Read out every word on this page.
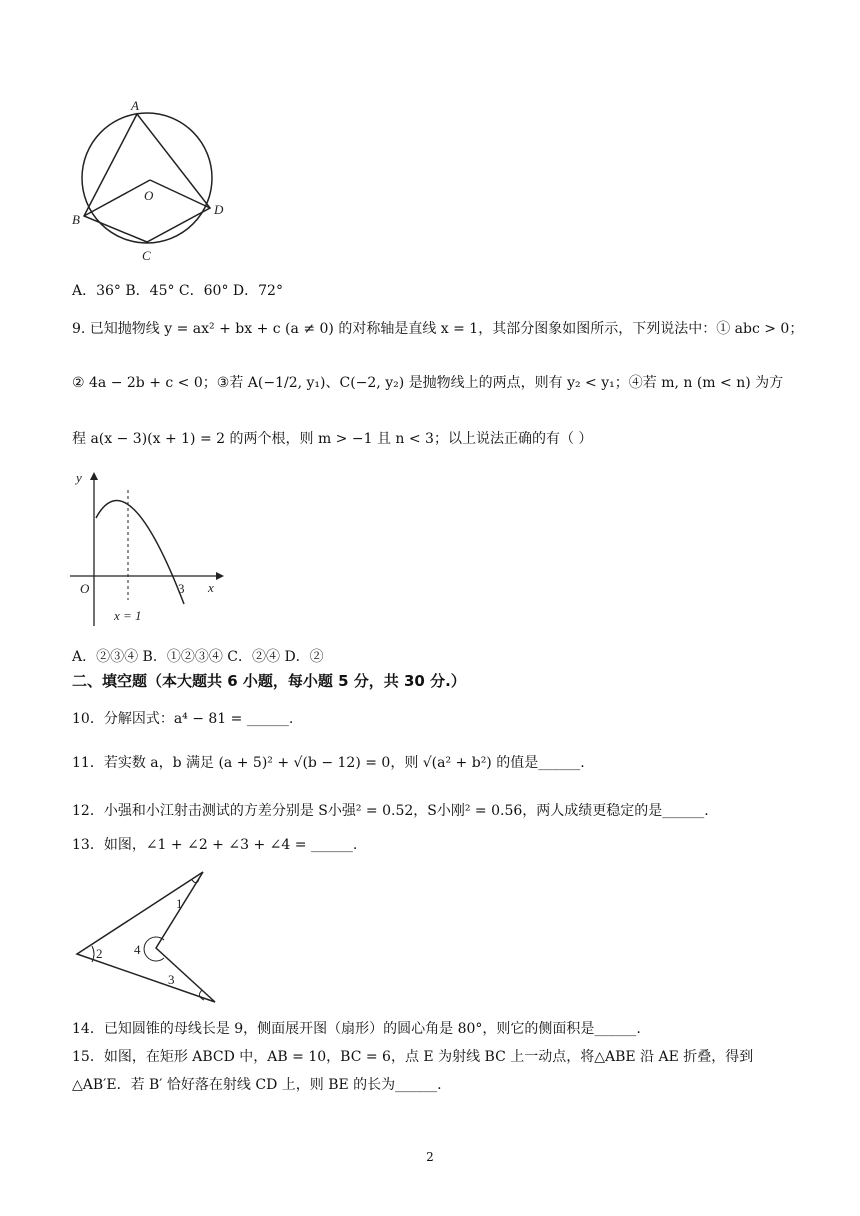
A
B
C
D
O
A．36° B．45° C．60° D．72°
9. 已知抛物线 y = ax² + bx + c (a ≠ 0) 的对称轴是直线 x = 1，其部分图象如图所示，下列说法中：① abc > 0；
② 4a − 2b + c < 0；③若 A(−1/2, y₁)、C(−2, y₂) 是抛物线上的两点，则有 y₂ < y₁；④若 m, n (m < n) 为方
程 a(x − 3)(x + 1) = 2 的两个根，则 m > −1 且 n < 3；以上说法正确的有（ ）
y
x
O	3
x = 1
A．②③④ B．①②③④ C．②④ D．②
二、填空题（本大题共 6 小题，每小题 5 分，共 30 分.）
10．分解因式：a⁴ − 81 = ______.
11．若实数 a，b 满足 (a + 5)² + √(b − 12) = 0，则 √(a² + b²) 的值是______.
12．小强和小江射击测试的方差分别是 S小强² = 0.52，S小刚² = 0.56，两人成绩更稳定的是______.
13．如图，∠1 + ∠2 + ∠3 + ∠4 = ______.
1
2
3
4
14．已知圆锥的母线长是 9，侧面展开图（扇形）的圆心角是 80°，则它的侧面积是______.
15．如图，在矩形 ABCD 中，AB = 10，BC = 6，点 E 为射线 BC 上一动点，将△ABE 沿 AE 折叠，得到
△AB′E．若 B′ 恰好落在射线 CD 上，则 BE 的长为______.
2
